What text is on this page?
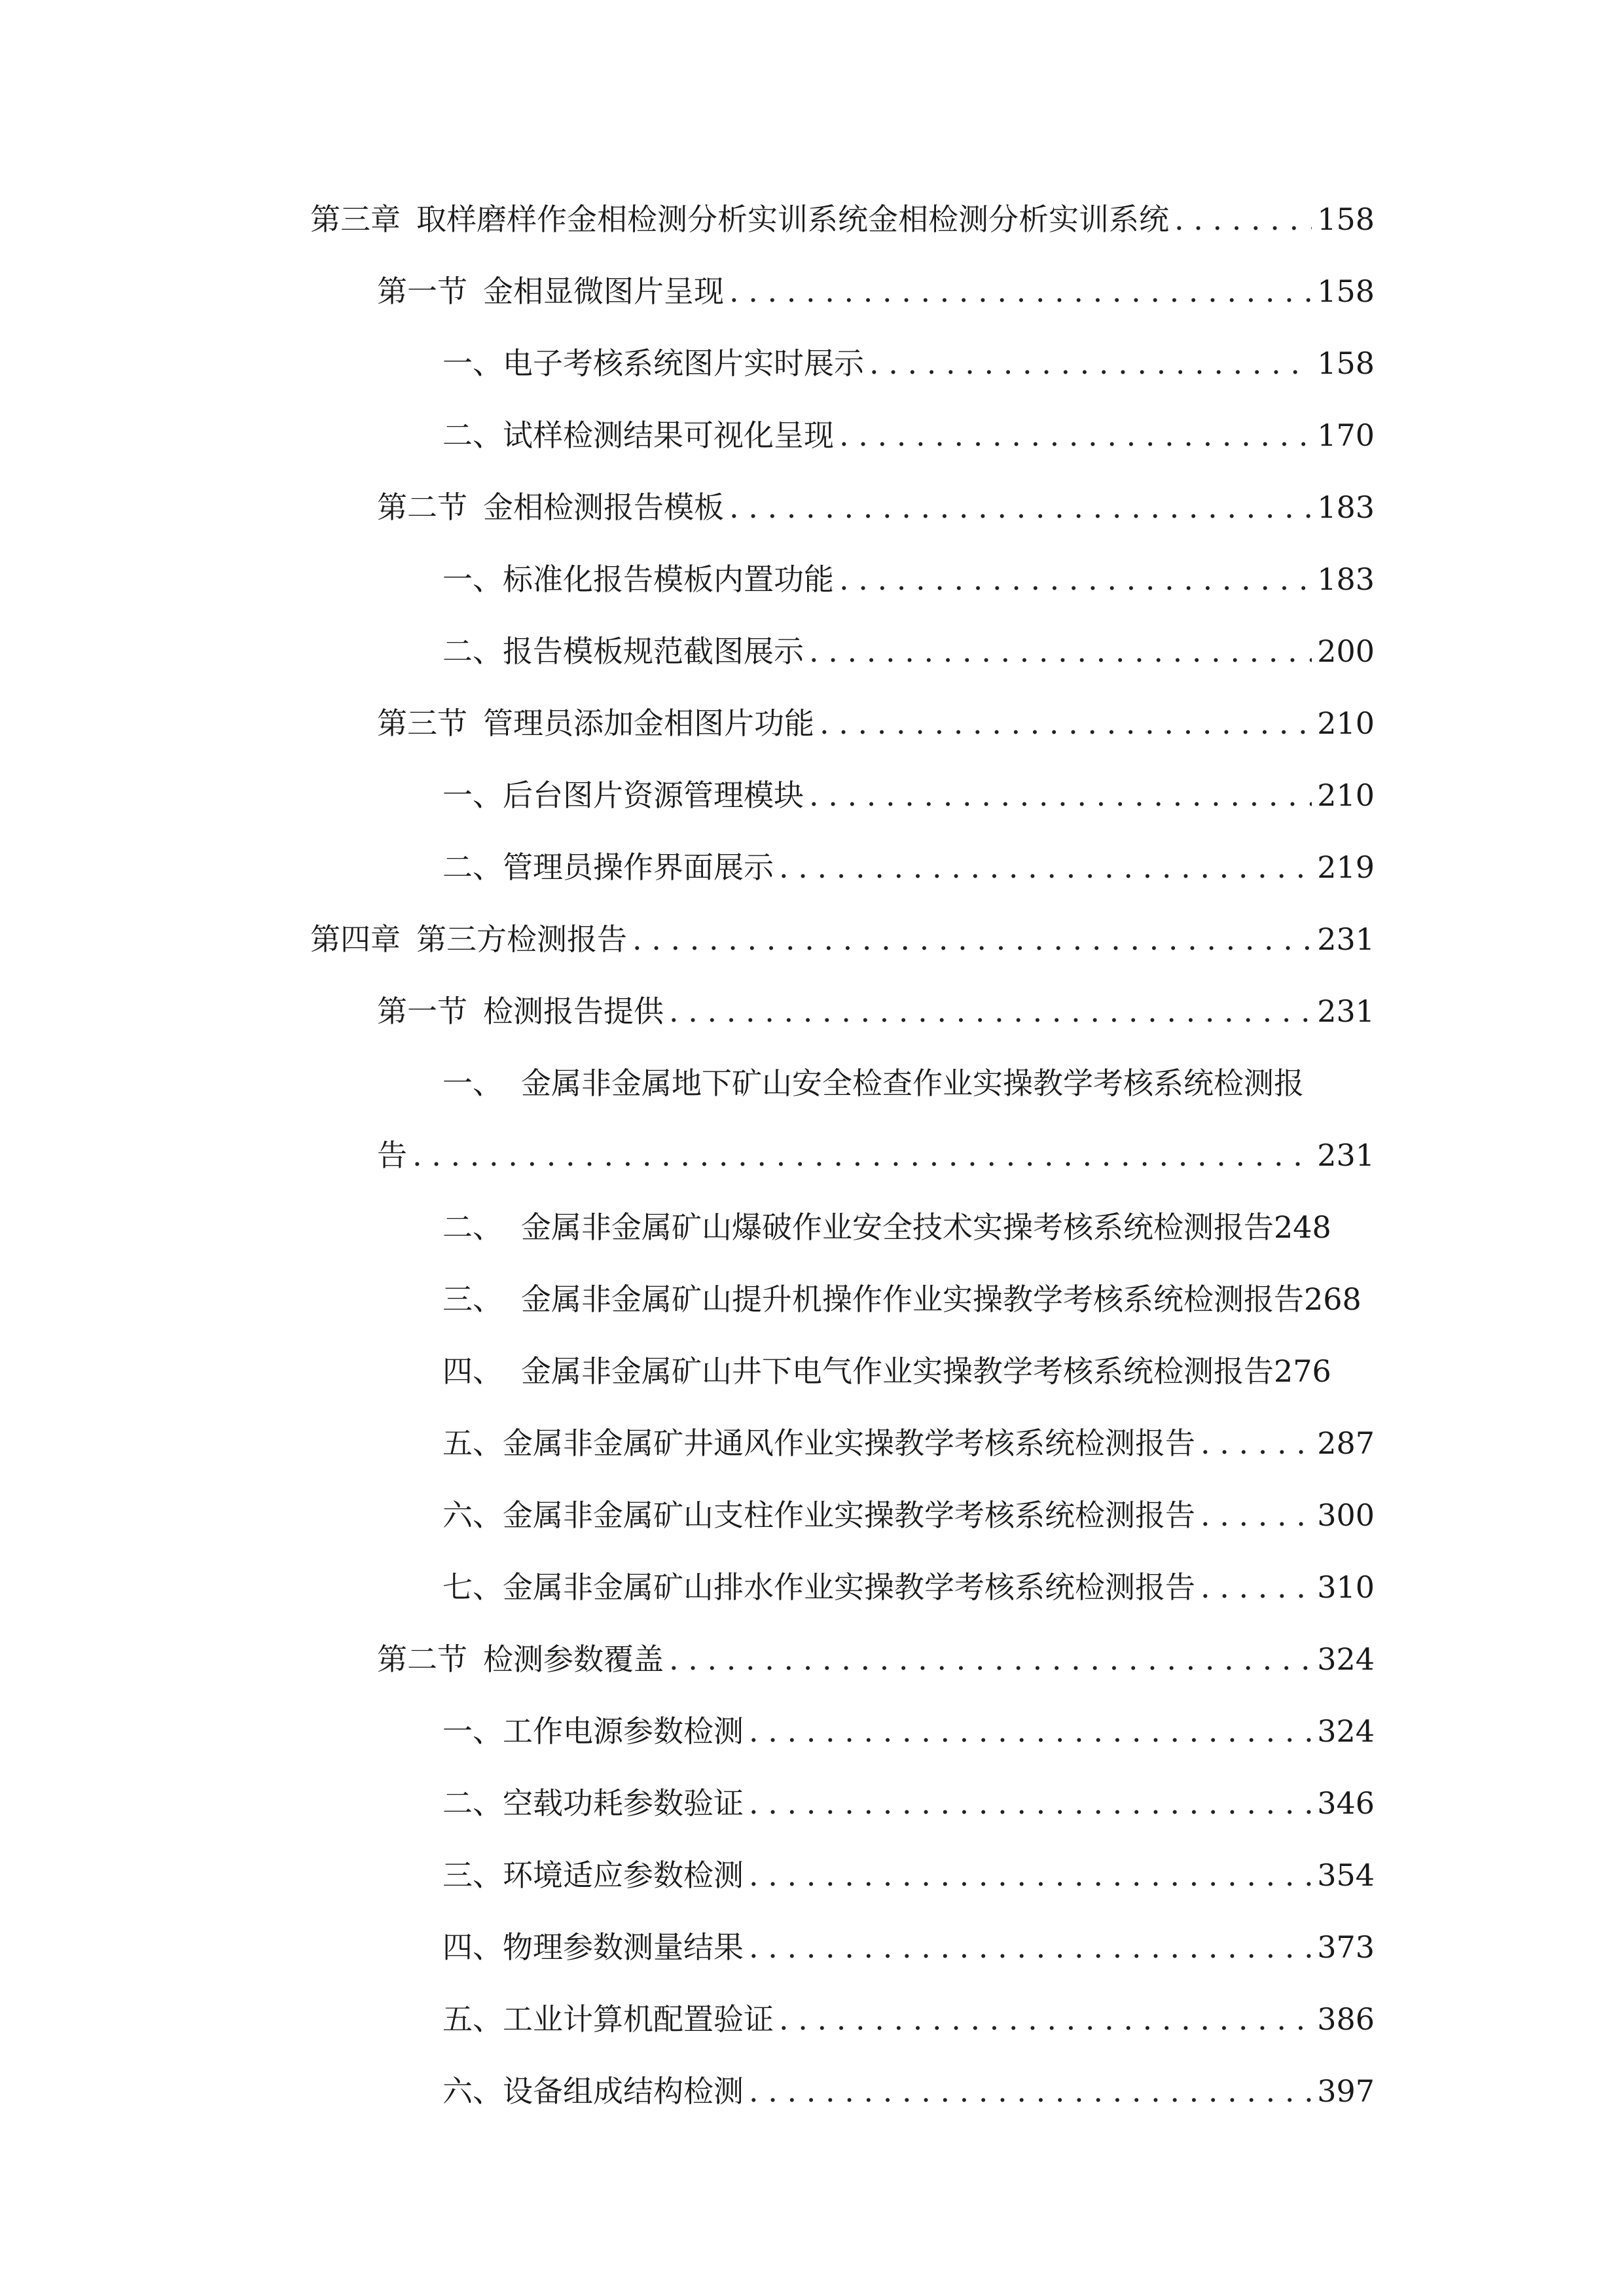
第三章 取样磨样作金相检测分析实训系统金相检测分析实训系统 . . .	158
第一节 金相显微图片呈现 . . .	158
一、 电子考核系统图片实时展示 . . .	158
二、 试样检测结果可视化呈现 . . .	170
第二节 金相检测报告模板 . . .	183
一、 标准化报告模板内置功能 . . .	183
二、 报告模板规范截图展示 . . .	200
第三节 管理员添加金相图片功能 . . .	210
一、 后台图片资源管理模块 . . .	210
二、 管理员操作界面展示 . . .	219
第四章 第三方检测报告 . . .	231
第一节 检测报告提供 . . .	231
一、 金属非金属地下矿山安全检查作业实操教学考核系统检测报
告 . . .	231
二、 金属非金属矿山爆破作业安全技术实操考核系统检测报告 248
三、 金属非金属矿山提升机操作作业实操教学考核系统检测报告 268
四、 金属非金属矿山井下电气作业实操教学考核系统检测报告 276
五、 金属非金属矿井通风作业实操教学考核系统检测报告 . . .	287
六、 金属非金属矿山支柱作业实操教学考核系统检测报告 . . .	300
七、 金属非金属矿山排水作业实操教学考核系统检测报告 . . .	310
第二节 检测参数覆盖 . . .	324
一、 工作电源参数检测 . . .	324
二、 空载功耗参数验证 . . .	346
三、 环境适应参数检测 . . .	354
四、 物理参数测量结果 . . .	373
五、 工业计算机配置验证 . . .	386
六、 设备组成结构检测 . . .	397
